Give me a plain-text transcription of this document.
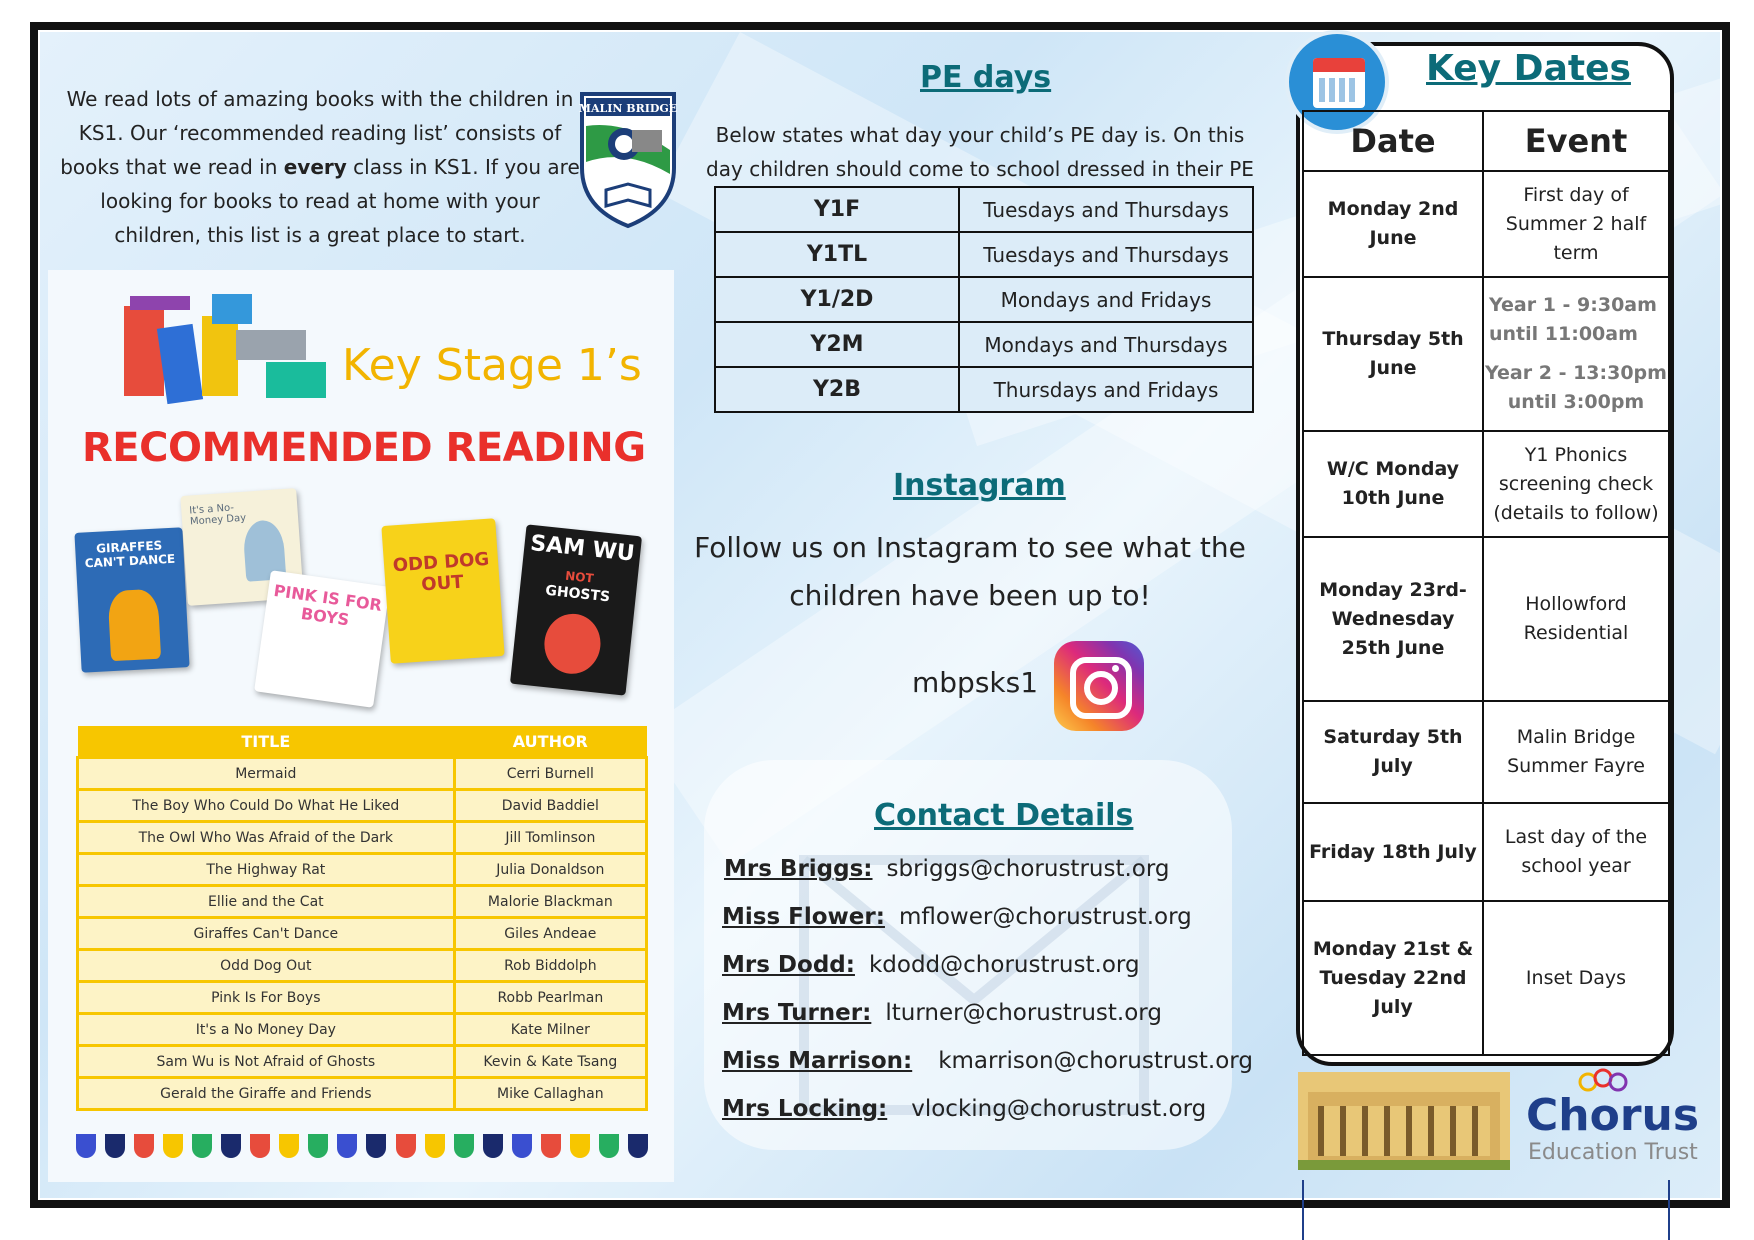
We read lots of amazing books with the children in KS1. Our ‘recommended reading list’ consists of books that we read in every class in KS1. If you are looking for books to read at home with your children, this list is a great place to start.
MALIN BRIDGE
Key Stage 1’s
RECOMMENDED READING
GIRAFFES CAN'T DANCE
It's a No-Money Day
PINK IS FOR BOYS
ODD DOG OUT
SAM WU
NOT
GHOSTS
TITLE	AUTHOR
Mermaid	Cerri Burnell
The Boy Who Could Do What He Liked	David Baddiel
The Owl Who Was Afraid of the Dark	Jill Tomlinson
The Highway Rat	Julia Donaldson
Ellie and the Cat	Malorie Blackman
Giraffes Can't Dance	Giles Andeae
Odd Dog Out	Rob Biddolph
Pink Is For Boys	Robb Pearlman
It's a No Money Day	Kate Milner
Sam Wu is Not Afraid of Ghosts	Kevin & Kate Tsang
Gerald the Giraffe and Friends	Mike Callaghan
PE days
Below states what day your child’s PE day is. On this day children should come to school dressed in their PE
Y1F	Tuesdays and Thursdays
Y1TL	Tuesdays and Thursdays
Y1/2D	Mondays and Fridays
Y2M	Mondays and Thursdays
Y2B	Thursdays and Fridays
Instagram
Follow us on Instagram to see what the children have been up to!
mbpsks1
Contact Details
Mrs Briggs: sbriggs@chorustrust.org
Miss Flower: mflower@chorustrust.org
Mrs Dodd: kdodd@chorustrust.org
Mrs Turner: lturner@chorustrust.org
Miss Marrison: kmarrison@chorustrust.org
Mrs Locking: vlocking@chorustrust.org
Key Dates
Date	Event
Monday 2nd June	First day of Summer 2 half term
Thursday 5th June	Year 1 - 9:30am
until 11:00am
Year 2 - 13:30pm
until 3:00pm

W/C Monday 10th June	Y1 Phonics screening check (details to follow)
Monday 23rd-Wednesday 25th June	Hollowford Residential
Saturday 5th July	Malin Bridge Summer Fayre
Friday 18th July	Last day of the school year
Monday 21st & Tuesday 22nd July	Inset Days
Chorus
Education Trust
